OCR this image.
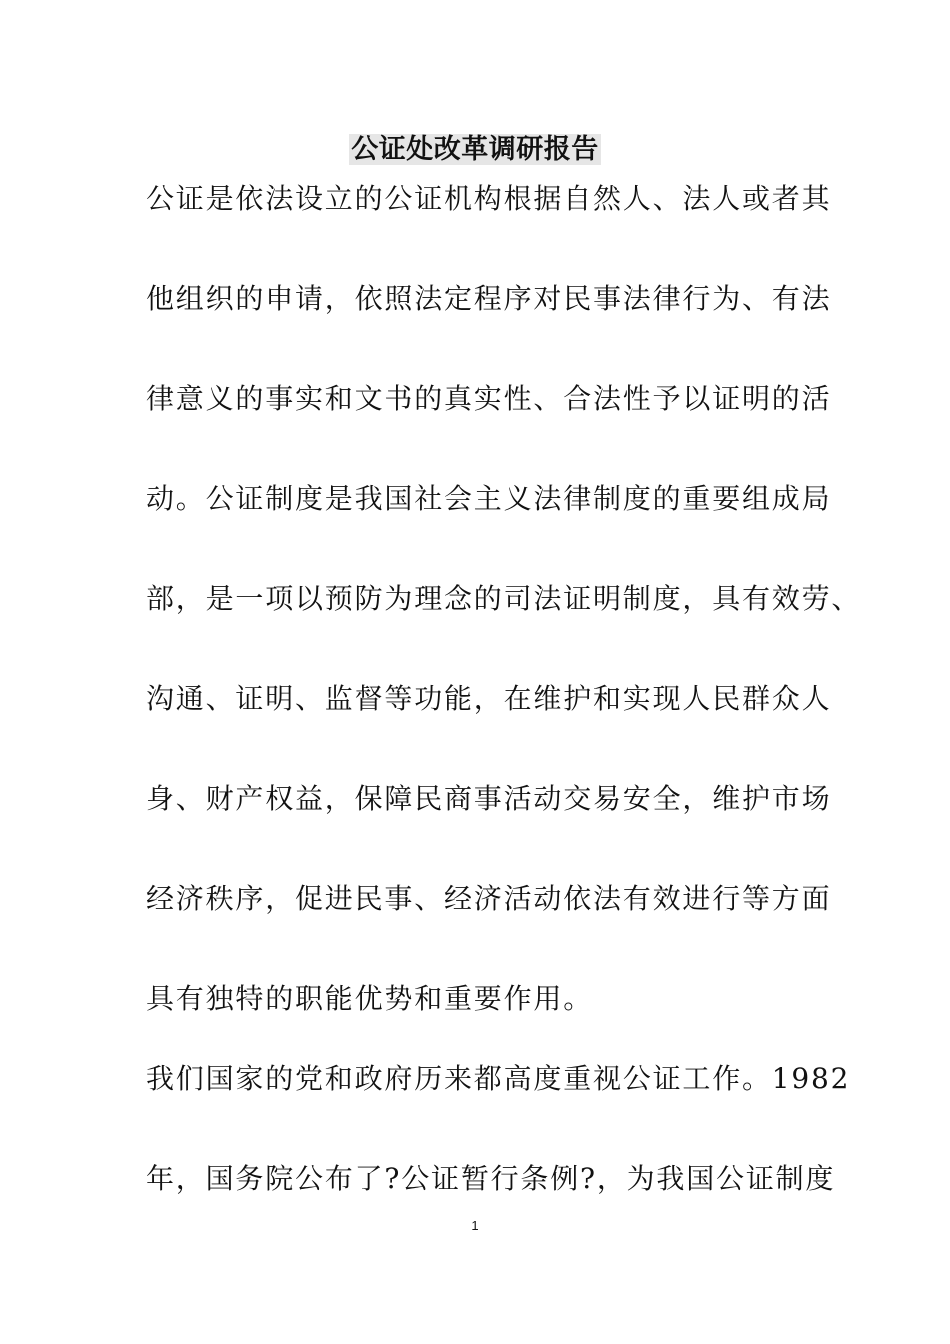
公证处改革调研报告
公证是依法设立的公证机构根据自然人、法人或者其
他组织的申请，依照法定程序对民事法律行为、有法
律意义的事实和文书的真实性、合法性予以证明的活
动。公证制度是我国社会主义法律制度的重要组成局
部，是一项以预防为理念的司法证明制度，具有效劳、
沟通、证明、监督等功能，在维护和实现人民群众人
身、财产权益，保障民商事活动交易安全，维护市场
经济秩序，促进民事、经济活动依法有效进行等方面
具有独特的职能优势和重要作用。
我们国家的党和政府历来都高度重视公证工作。1982
年，国务院公布了?公证暂行条例?，为我国公证制度
1
